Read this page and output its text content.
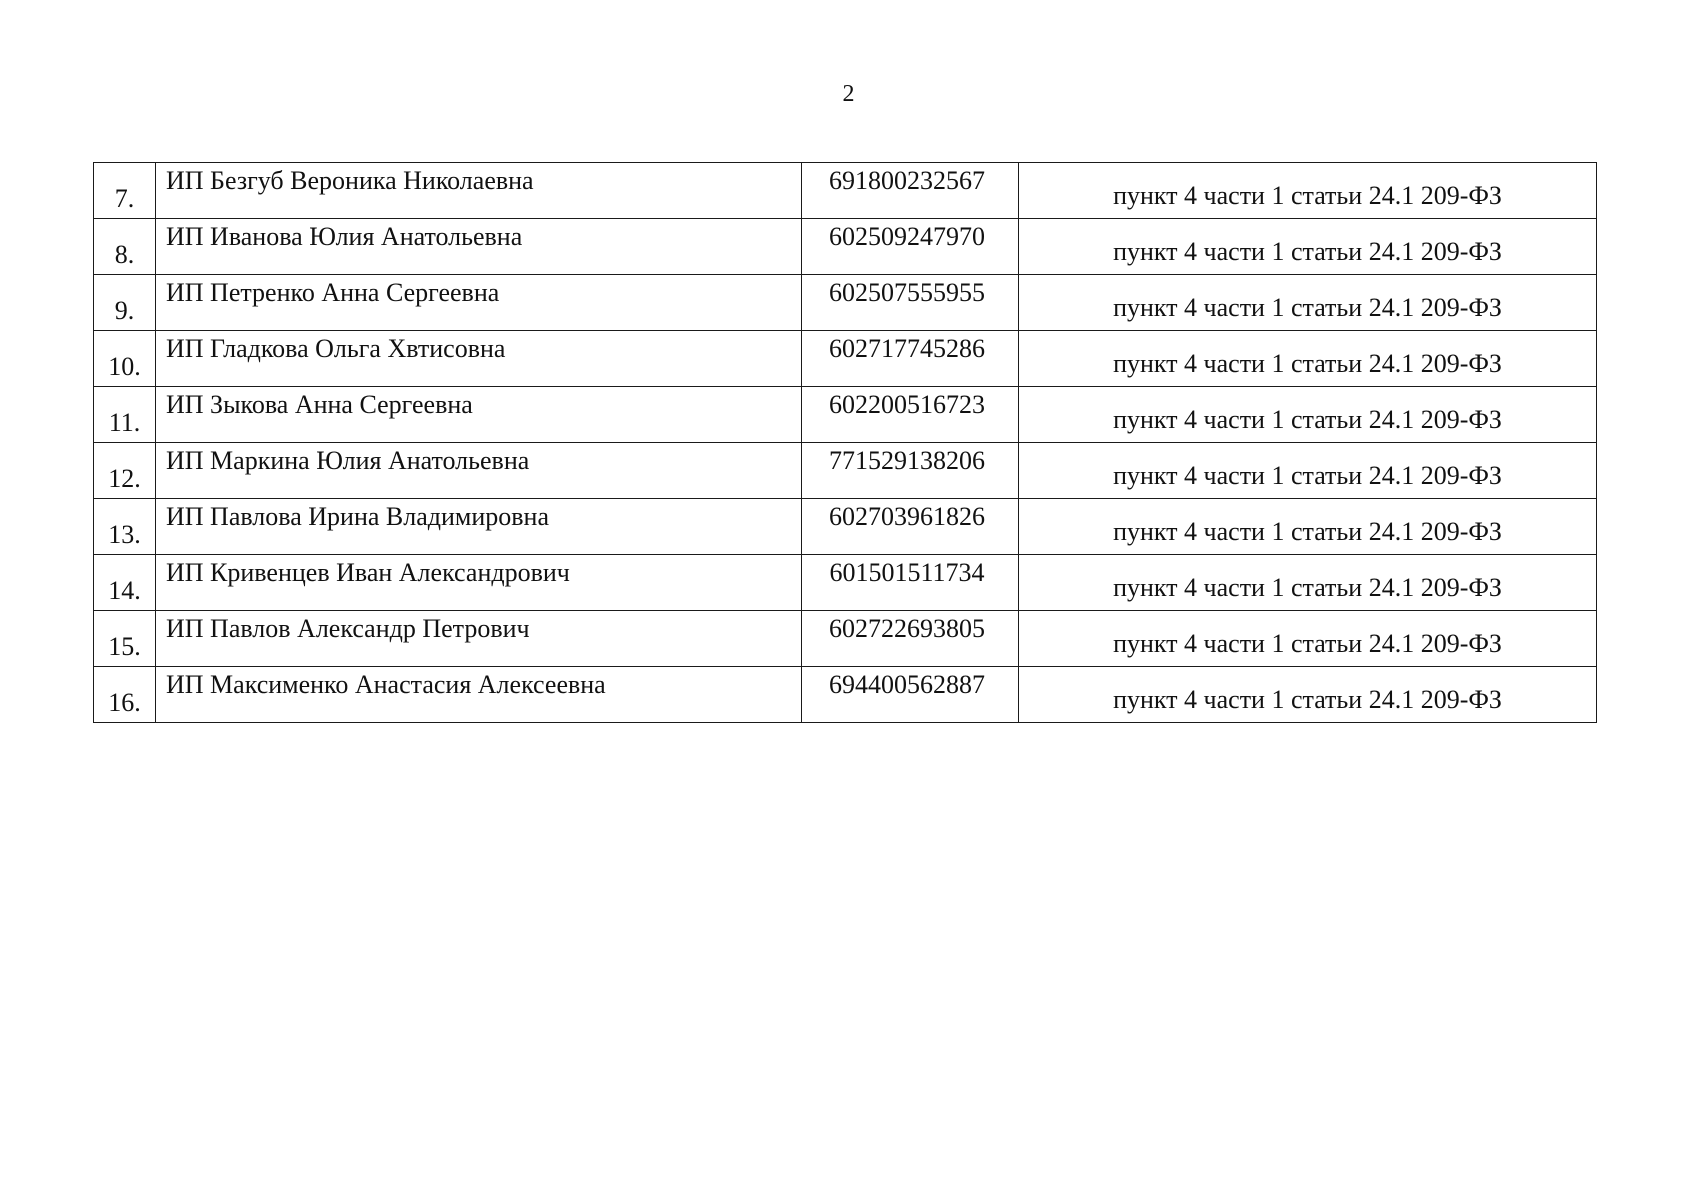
2
7.	ИП Безгуб Вероника Николаевна	691800232567	пункт 4 части 1 статьи 24.1 209-ФЗ
8.	ИП Иванова Юлия Анатольевна	602509247970	пункт 4 части 1 статьи 24.1 209-ФЗ
9.	ИП Петренко Анна Сергеевна	602507555955	пункт 4 части 1 статьи 24.1 209-ФЗ
10.	ИП Гладкова Ольга Хвтисовна	602717745286	пункт 4 части 1 статьи 24.1 209-ФЗ
11.	ИП Зыкова Анна Сергеевна	602200516723	пункт 4 части 1 статьи 24.1 209-ФЗ
12.	ИП Маркина Юлия Анатольевна	771529138206	пункт 4 части 1 статьи 24.1 209-ФЗ
13.	ИП Павлова Ирина Владимировна	602703961826	пункт 4 части 1 статьи 24.1 209-ФЗ
14.	ИП Кривенцев Иван Александрович	601501511734	пункт 4 части 1 статьи 24.1 209-ФЗ
15.	ИП Павлов Александр Петрович	602722693805	пункт 4 части 1 статьи 24.1 209-ФЗ
16.	ИП Максименко Анастасия Алексеевна	694400562887	пункт 4 части 1 статьи 24.1 209-ФЗ
